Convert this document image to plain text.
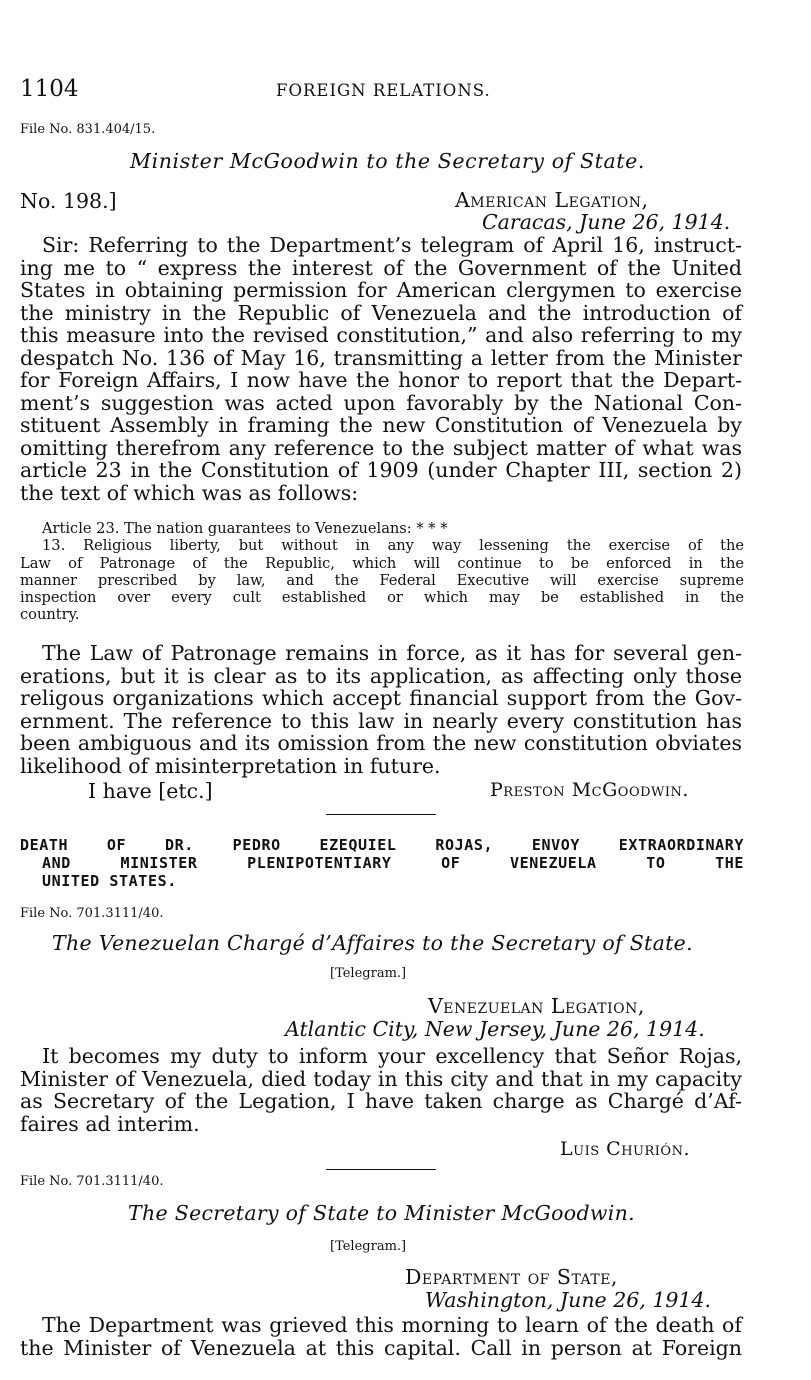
1104	FOREIGN RELATIONS.
File No. 831.404/15.
Minister McGoodwin to the Secretary of State.
No. 198.]	American Legation,
Caracas, June 26, 1914.
Sir: Referring to the Department’s telegram of April 16, instruct-
ing me to “ express the interest of the Government of the United
States in obtaining permission for American clergymen to exercise
the ministry in the Republic of Venezuela and the introduction of
this measure into the revised constitution,” and also referring to my
despatch No. 136 of May 16, transmitting a letter from the Minister
for Foreign Affairs, I now have the honor to report that the Depart-
ment’s suggestion was acted upon favorably by the National Con-
stituent Assembly in framing the new Constitution of Venezuela by
omitting therefrom any reference to the subject matter of what was
article 23 in the Constitution of 1909 (under Chapter III, section 2)
the text of which was as follows:
Article 23. The nation guarantees to Venezuelans: * * *
13. Religious liberty, but without in any way lessening the exercise of the
Law of Patronage of the Republic, which will continue to be enforced in the
manner prescribed by law, and the Federal Executive will exercise supreme
inspection over every cult established or which may be established in the
country.
The Law of Patronage remains in force, as it has for several gen-
erations, but it is clear as to its application, as affecting only those
religous organizations which accept financial support from the Gov-
ernment. The reference to this law in nearly every constitution has
been ambiguous and its omission from the new constitution obviates
likelihood of misinterpretation in future.
I have [etc.]	Preston McGoodwin.
DEATH OF DR. PEDRO EZEQUIEL ROJAS, ENVOY EXTRAORDINARY
AND MINISTER PLENIPOTENTIARY OF VENEZUELA TO THE
UNITED STATES.
File No. 701.3111/40.
The Venezuelan Chargé d’Affaires to the Secretary of State.
[Telegram.]
Venezuelan Legation,
Atlantic City, New Jersey, June 26, 1914.
It becomes my duty to inform your excellency that Señor Rojas,
Minister of Venezuela, died today in this city and that in my capacity
as Secretary of the Legation, I have taken charge as Chargé d’Af-
faires ad interim.
Luis Churión.
File No. 701.3111/40.
The Secretary of State to Minister McGoodwin.
[Telegram.]
Department of State,
Washington, June 26, 1914.
The Department was grieved this morning to learn of the death of
the Minister of Venezuela at this capital. Call in person at Foreign
